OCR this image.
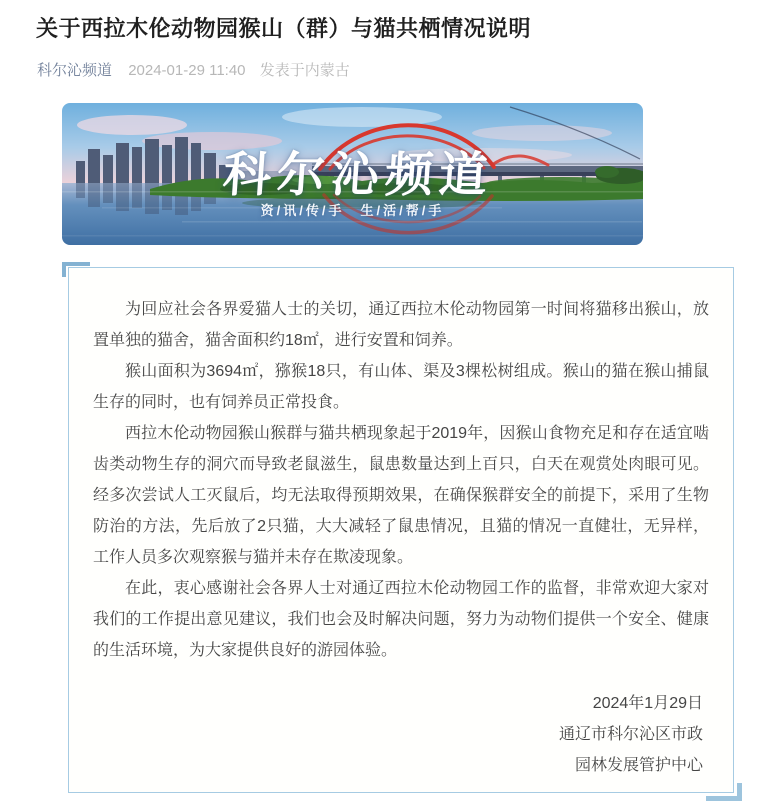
关于西拉木伦动物园猴山（群）与猫共栖情况说明
科尔沁频道 2024-01-29 11:40 发表于内蒙古
科尔沁频道
资/讯/传/手　生/活/帮/手

为回应社会各界爱猫人士的关切，通辽西拉木伦动物园第一时间将猫移出猴山，放置单独的猫舍，猫舍面积约18㎡，进行安置和饲养。

猴山面积为3694㎡，猕猴18只，有山体、渠及3棵松树组成。猴山的猫在猴山捕鼠生存的同时，也有饲养员正常投食。

西拉木伦动物园猴山猴群与猫共栖现象起于2019年，因猴山食物充足和存在适宜啮齿类动物生存的洞穴而导致老鼠滋生，鼠患数量达到上百只，白天在观赏处肉眼可见。经多次尝试人工灭鼠后，均无法取得预期效果，在确保猴群安全的前提下，采用了生物防治的方法，先后放了2只猫，大大减轻了鼠患情况，且猫的情况一直健壮，无异样，工作人员多次观察猴与猫并未存在欺凌现象。

在此，衷心感谢社会各界人士对通辽西拉木伦动物园工作的监督，非常欢迎大家对我们的工作提出意见建议，我们也会及时解决问题，努力为动物们提供一个安全、健康的生活环境，为大家提供良好的游园体验。

2024年1月29日
通辽市科尔沁区市政
园林发展管护中心
